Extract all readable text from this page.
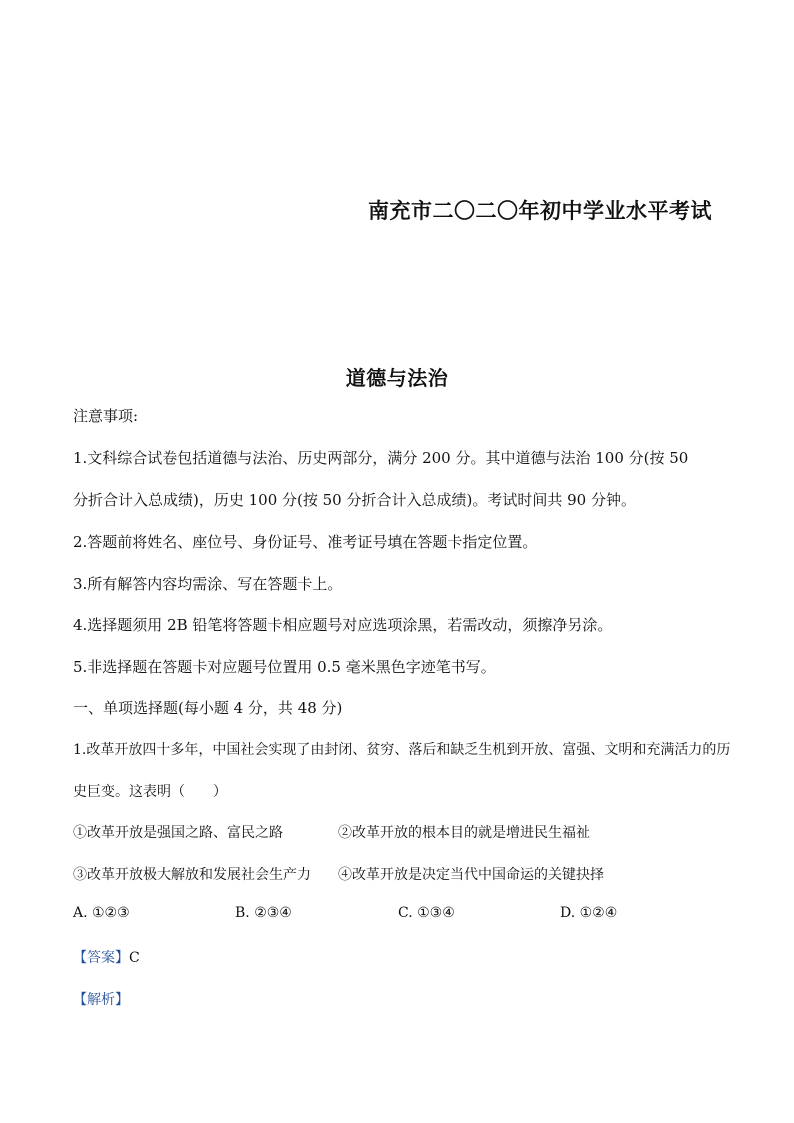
南充市二〇二〇年初中学业水平考试
道德与法治
注意事项:
1.文科综合试卷包括道德与法治、历史两部分，满分 200 分。其中道德与法治 100 分(按 50
分折合计入总成绩)，历史 100 分(按 50 分折合计入总成绩)。考试时间共 90 分钟。
2.答题前将姓名、座位号、身份证号、准考证号填在答题卡指定位置。
3.所有解答内容均需涂、写在答题卡上。
4.选择题须用 2B 铅笔将答题卡相应题号对应选项涂黑，若需改动，须擦净另涂。
5.非选择题在答题卡对应题号位置用 0.5 毫米黑色字迹笔书写。
一、单项选择题(每小题 4 分，共 48 分)
1.改革开放四十多年，中国社会实现了由封闭、贫穷、落后和缺乏生机到开放、富强、文明和充满活力的历
史巨变。这表明（　　）
①改革开放是强国之路、富民之路	②改革开放的根本目的就是增进民生福祉
③改革开放极大解放和发展社会生产力 ④改革开放是决定当代中国命运的关键抉择
A. ①②③	B. ②③④	C. ①③④	D. ①②④
【答案】C
【解析】
